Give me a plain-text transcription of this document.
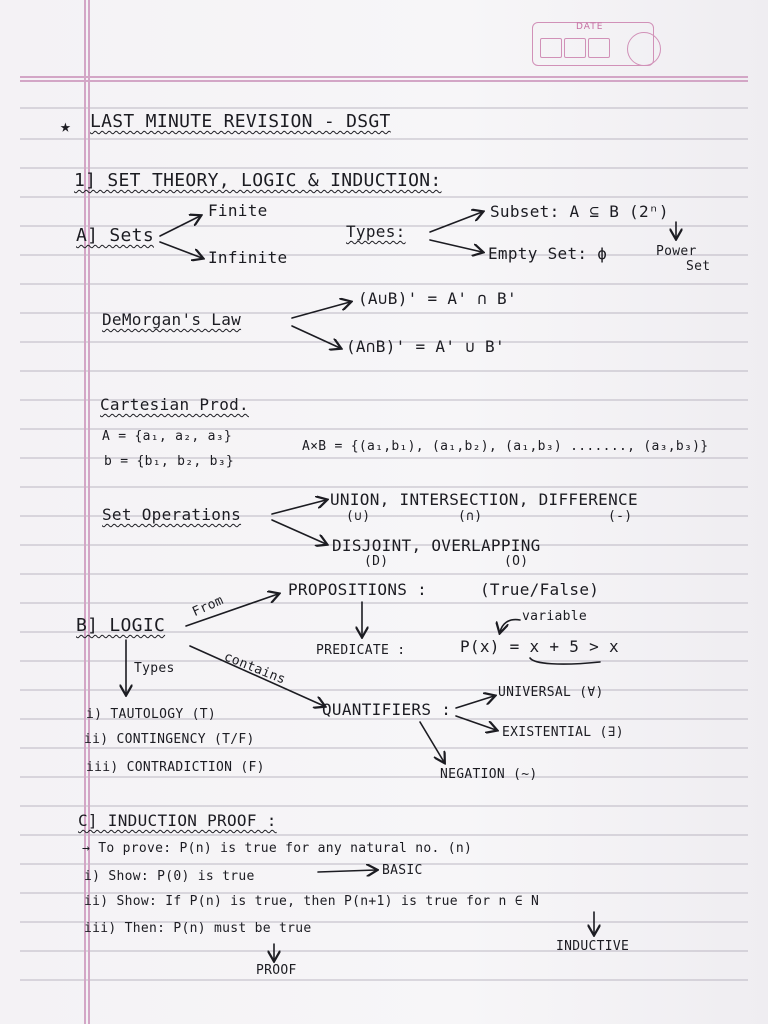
DATE
★ LAST MINUTE REVISION - DSGT
1] SET THEORY, LOGIC & INDUCTION:
A] Sets
Finite
Infinite
Types:
Subset: A ⊆ B (2ⁿ)
Power
Set
Empty Set: ϕ
DeMorgan's Law
(A∪B)' = A' ∩ B'
(A∩B)' = A' ∪ B'
Cartesian Prod.
A = {a₁, a₂, a₃}
b = {b₁, b₂, b₃}
A×B = {(a₁,b₁), (a₁,b₂), (a₁,b₃) ......., (a₃,b₃)}
Set Operations
UNION, INTERSECTION, DIFFERENCE
(∪)	(∩)	(-)
DISJOINT, OVERLAPPING
(D)	(O)
B] LOGIC
From
PROPOSITIONS :	(True/False)
variable
PREDICATE :	P(x) = x + 5 > x
Types	contains
i) TAUTOLOGY (T)
ii) CONTINGENCY (T/F)
iii) CONTRADICTION (F)
QUANTIFIERS :
UNIVERSAL (∀)
EXISTENTIAL (∃)
NEGATION (~)
C] INDUCTION PROOF :
→ To prove: P(n) is true for any natural no. (n)
i) Show: P(0) is true	BASIC
ii) Show: If P(n) is true, then P(n+1) is true for n ∈ N
iii) Then: P(n) must be true
INDUCTIVE
PROOF
